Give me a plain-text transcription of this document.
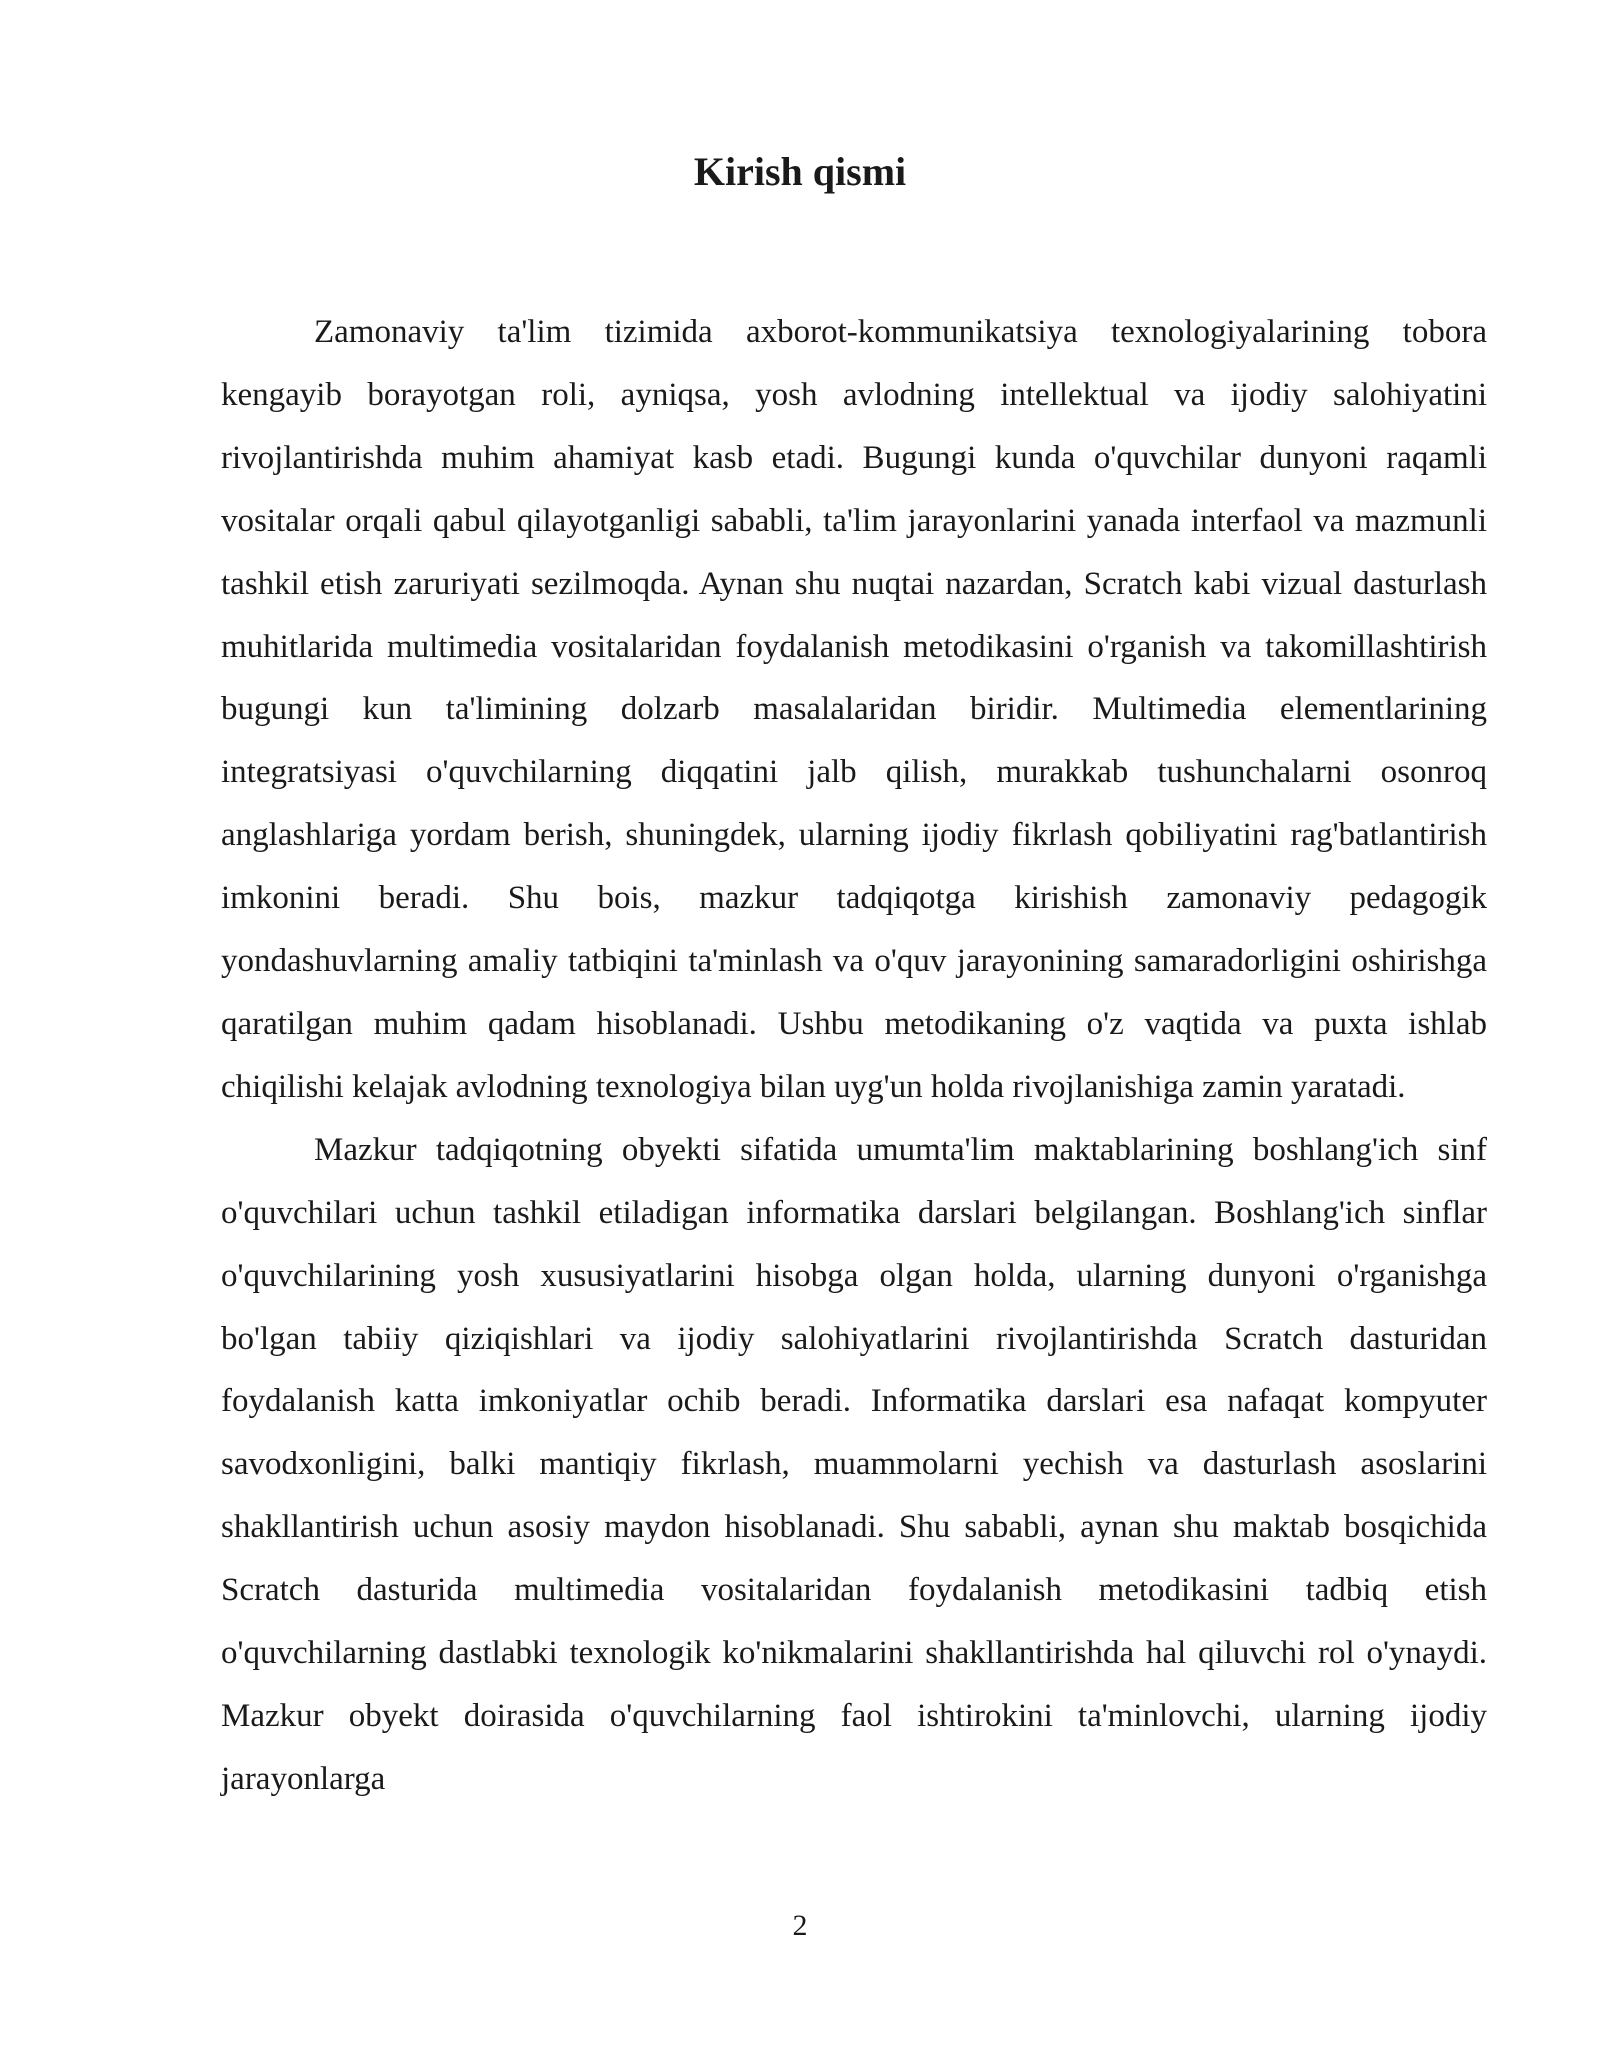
Kirish qismi

Zamonaviy ta'lim tizimida axborot-kommunikatsiya texnologiyalarining tobora kengayib borayotgan roli, ayniqsa, yosh avlodning intellektual va ijodiy salohiyatini rivojlantirishda muhim ahamiyat kasb etadi. Bugungi kunda o'quvchilar dunyoni raqamli vositalar orqali qabul qilayotganligi sababli, ta'lim jarayonlarini yanada interfaol va mazmunli tashkil etish zaruriyati sezilmoqda. Aynan shu nuqtai nazardan, Scratch kabi vizual dasturlash muhitlarida multimedia vositalaridan foydalanish metodikasini o'rganish va takomillashtirish bugungi kun ta'limining dolzarb masalalaridan biridir. Multimedia elementlarining integratsiyasi o'quvchilarning diqqatini jalb qilish, murakkab tushunchalarni osonroq anglashlariga yordam berish, shuningdek, ularning ijodiy fikrlash qobiliyatini rag'batlantirish imkonini beradi. Shu bois, mazkur tadqiqotga kirishish zamonaviy pedagogik yondashuvlarning amaliy tatbiqini ta'minlash va o'quv jarayonining samaradorligini oshirishga qaratilgan muhim qadam hisoblanadi. Ushbu metodikaning o'z vaqtida va puxta ishlab chiqilishi kelajak avlodning texnologiya bilan uyg'un holda rivojlanishiga zamin yaratadi.

Mazkur tadqiqotning obyekti sifatida umumta'lim maktablarining boshlang'ich sinf o'quvchilari uchun tashkil etiladigan informatika darslari belgilangan. Boshlang'ich sinflar o'quvchilarining yosh xususiyatlarini hisobga olgan holda, ularning dunyoni o'rganishga bo'lgan tabiiy qiziqishlari va ijodiy salohiyatlarini rivojlantirishda Scratch dasturidan foydalanish katta imkoniyatlar ochib beradi. Informatika darslari esa nafaqat kompyuter savodxonligini, balki mantiqiy fikrlash, muammolarni yechish va dasturlash asoslarini shakllantirish uchun asosiy maydon hisoblanadi. Shu sababli, aynan shu maktab bosqichida Scratch dasturida multimedia vositalaridan foydalanish metodikasini tadbiq etish o'quvchilarning dastlabki texnologik ko'nikmalarini shakllantirishda hal qiluvchi rol o'ynaydi. Mazkur obyekt doirasida o'quvchilarning faol ishtirokini ta'minlovchi, ularning ijodiy jarayonlarga

2
